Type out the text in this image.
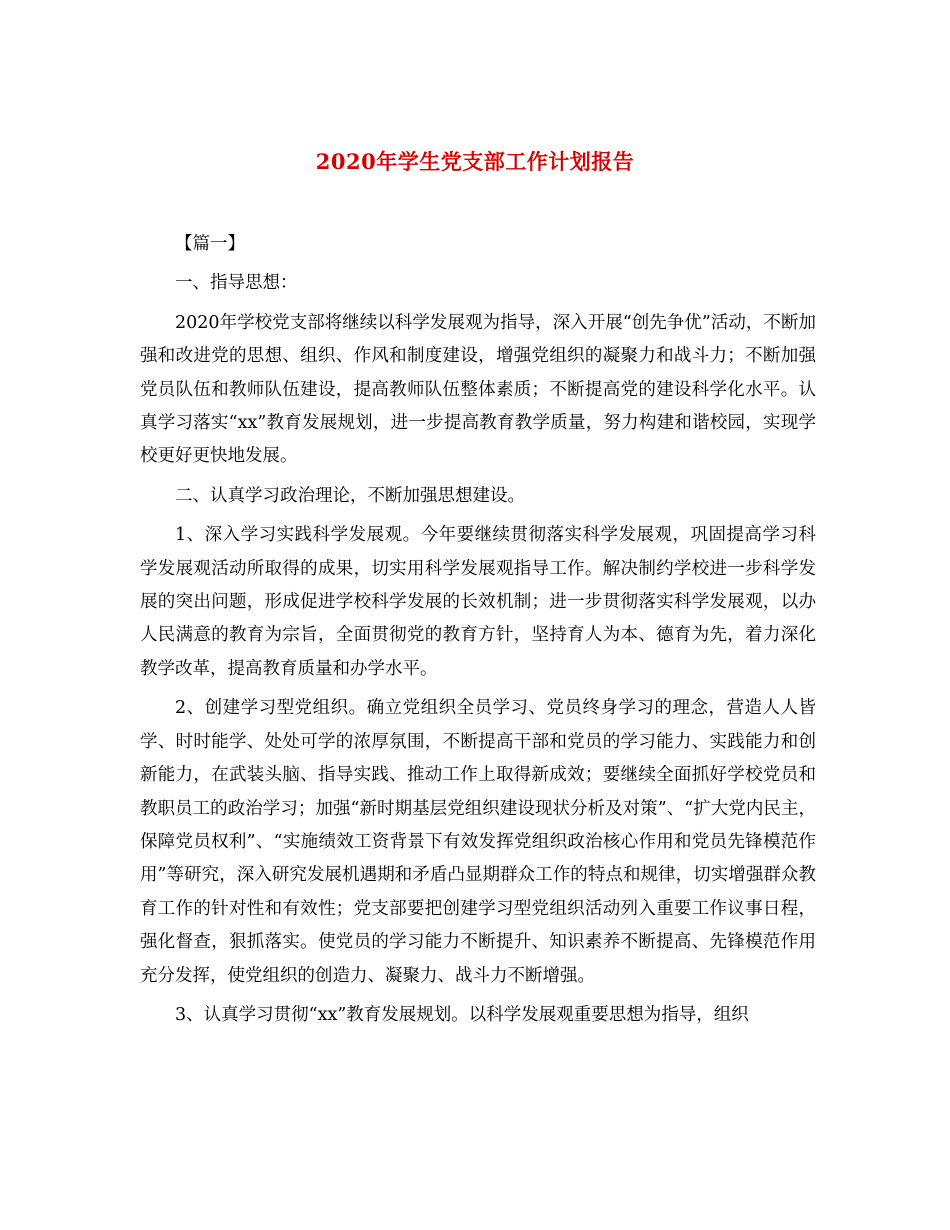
2020年学生党支部工作计划报告

【篇一】

一、指导思想：

2020年学校党支部将继续以科学发展观为指导，深入开展“创先争优”活动，不断加强和改进党的思想、组织、作风和制度建设，增强党组织的凝聚力和战斗力；不断加强党员队伍和教师队伍建设，提高教师队伍整体素质；不断提高党的建设科学化水平。认真学习落实“xx”教育发展规划，进一步提高教育教学质量，努力构建和谐校园，实现学校更好更快地发展。

二、认真学习政治理论，不断加强思想建设。

1、深入学习实践科学发展观。今年要继续贯彻落实科学发展观，巩固提高学习科学发展观活动所取得的成果，切实用科学发展观指导工作。解决制约学校进一步科学发展的突出问题，形成促进学校科学发展的长效机制；进一步贯彻落实科学发展观，以办人民满意的教育为宗旨，全面贯彻党的教育方针，坚持育人为本、德育为先，着力深化教学改革，提高教育质量和办学水平。

2、创建学习型党组织。确立党组织全员学习、党员终身学习的理念，营造人人皆学、时时能学、处处可学的浓厚氛围，不断提高干部和党员的学习能力、实践能力和创新能力，在武装头脑、指导实践、推动工作上取得新成效；要继续全面抓好学校党员和教职员工的政治学习；加强“新时期基层党组织建设现状分析及对策”、“扩大党内民主，保障党员权利”、“实施绩效工资背景下有效发挥党组织政治核心作用和党员先锋模范作用”等研究，深入研究发展机遇期和矛盾凸显期群众工作的特点和规律，切实增强群众教育工作的针对性和有效性；党支部要把创建学习型党组织活动列入重要工作议事日程，强化督查，狠抓落实。使党员的学习能力不断提升、知识素养不断提高、先锋模范作用充分发挥，使党组织的创造力、凝聚力、战斗力不断增强。

3、认真学习贯彻“xx”教育发展规划。以科学发展观重要思想为指导，组织
